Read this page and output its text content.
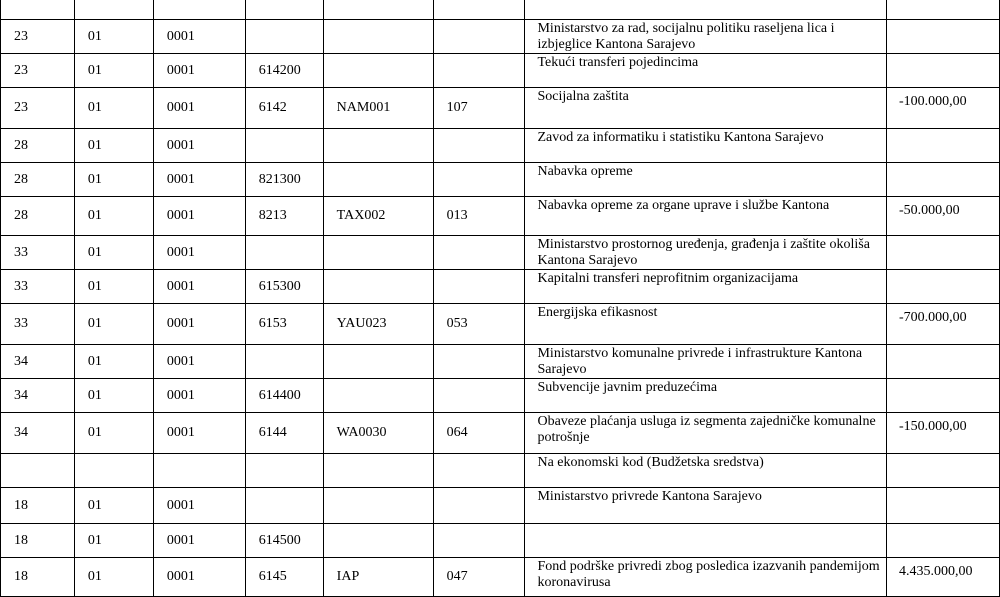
23	01	0001				Ministarstvo za rad, socijalnu politiku raseljena lica i izbjeglice Kantona Sarajevo	

23	01	0001	614200			Tekući transferi pojedincima	

23	01	0001	6142	NAM001	107	Socijalna zaštita	-100.000,00
28	01	0001				Zavod za informatiku i statistiku Kantona Sarajevo	

28	01	0001	821300			Nabavka opreme	

28	01	0001	8213	TAX002	013	Nabavka opreme za organe uprave i službe Kantona	-50.000,00
33	01	0001				Ministarstvo prostornog uređenja, građenja i zaštite okoliša Kantona Sarajevo	

33	01	0001	615300			Kapitalni transferi neprofitnim organizacijama	

33	01	0001	6153	YAU023	053	Energijska efikasnost	-700.000,00
34	01	0001				Ministarstvo komunalne privrede i infrastrukture Kantona Sarajevo	

34	01	0001	614400			Subvencije javnim preduzećima	

34	01	0001	6144	WA0030	064	Obaveze plaćanja usluga iz segmenta zajedničke komunalne potrošnje	-150.000,00

						Na ekonomski kod (Budžetska sredstva)	

18	01	0001				Ministarstvo privrede Kantona Sarajevo	

18	01	0001	614500			

18	01	0001	6145	IAP	047	Fond podrške privredi zbog posledica izazvanih pandemijom koronavirusa	4.435.000,00
